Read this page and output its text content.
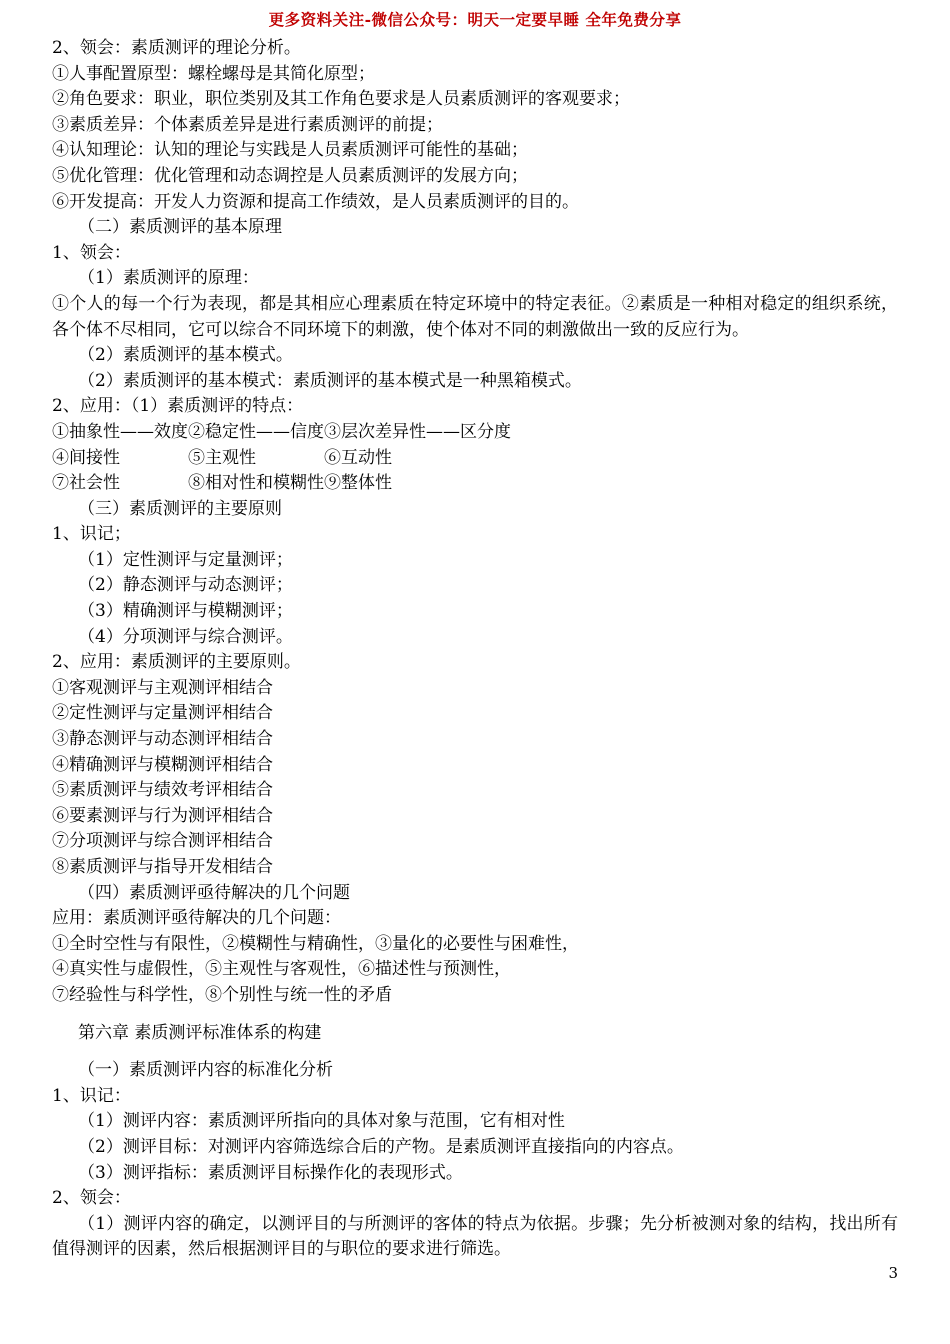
更多资料关注-微信公众号：明天一定要早睡 全年免费分享
2、领会：素质测评的理论分析。
①人事配置原型：螺栓螺母是其简化原型；
②角色要求：职业，职位类别及其工作角色要求是人员素质测评的客观要求；
③素质差异：个体素质差异是进行素质测评的前提；
④认知理论：认知的理论与实践是人员素质测评可能性的基础；
⑤优化管理：优化管理和动态调控是人员素质测评的发展方向；
⑥开发提高：开发人力资源和提高工作绩效，是人员素质测评的目的。
（二）素质测评的基本原理
1、领会：
（1）素质测评的原理：
①个人的每一个行为表现，都是其相应心理素质在特定环境中的特定表征。②素质是一种相对稳定的组织系统，各个体不尽相同，它可以综合不同环境下的刺激，使个体对不同的刺激做出一致的反应行为。
（2）素质测评的基本模式。
（2）素质测评的基本模式：素质测评的基本模式是一种黑箱模式。
2、应用：（1）素质测评的特点：
①抽象性——效度②稳定性——信度③层次差异性——区分度
④间接性　　　　⑤主观性　　　　⑥互动性
⑦社会性　　　　⑧相对性和模糊性⑨整体性
（三）素质测评的主要原则
1、识记；
（1）定性测评与定量测评；
（2）静态测评与动态测评；
（3）精确测评与模糊测评；
（4）分项测评与综合测评。
2、应用：素质测评的主要原则。
①客观测评与主观测评相结合
②定性测评与定量测评相结合
③静态测评与动态测评相结合
④精确测评与模糊测评相结合
⑤素质测评与绩效考评相结合
⑥要素测评与行为测评相结合
⑦分项测评与综合测评相结合
⑧素质测评与指导开发相结合
（四）素质测评亟待解决的几个问题
应用：素质测评亟待解决的几个问题：
①全时空性与有限性，②模糊性与精确性，③量化的必要性与困难性，
④真实性与虚假性，⑤主观性与客观性，⑥描述性与预测性，
⑦经验性与科学性，⑧个别性与统一性的矛盾
第六章 素质测评标准体系的构建
（一）素质测评内容的标准化分析
1、识记：
（1）测评内容：素质测评所指向的具体对象与范围，它有相对性
（2）测评目标：对测评内容筛选综合后的产物。是素质测评直接指向的内容点。
（3）测评指标：素质测评目标操作化的表现形式。
2、领会：
（1）测评内容的确定，以测评目的与所测评的客体的特点为依据。步骤；先分析被测对象的结构，找出所有值得测评的因素，然后根据测评目的与职位的要求进行筛选。
3
